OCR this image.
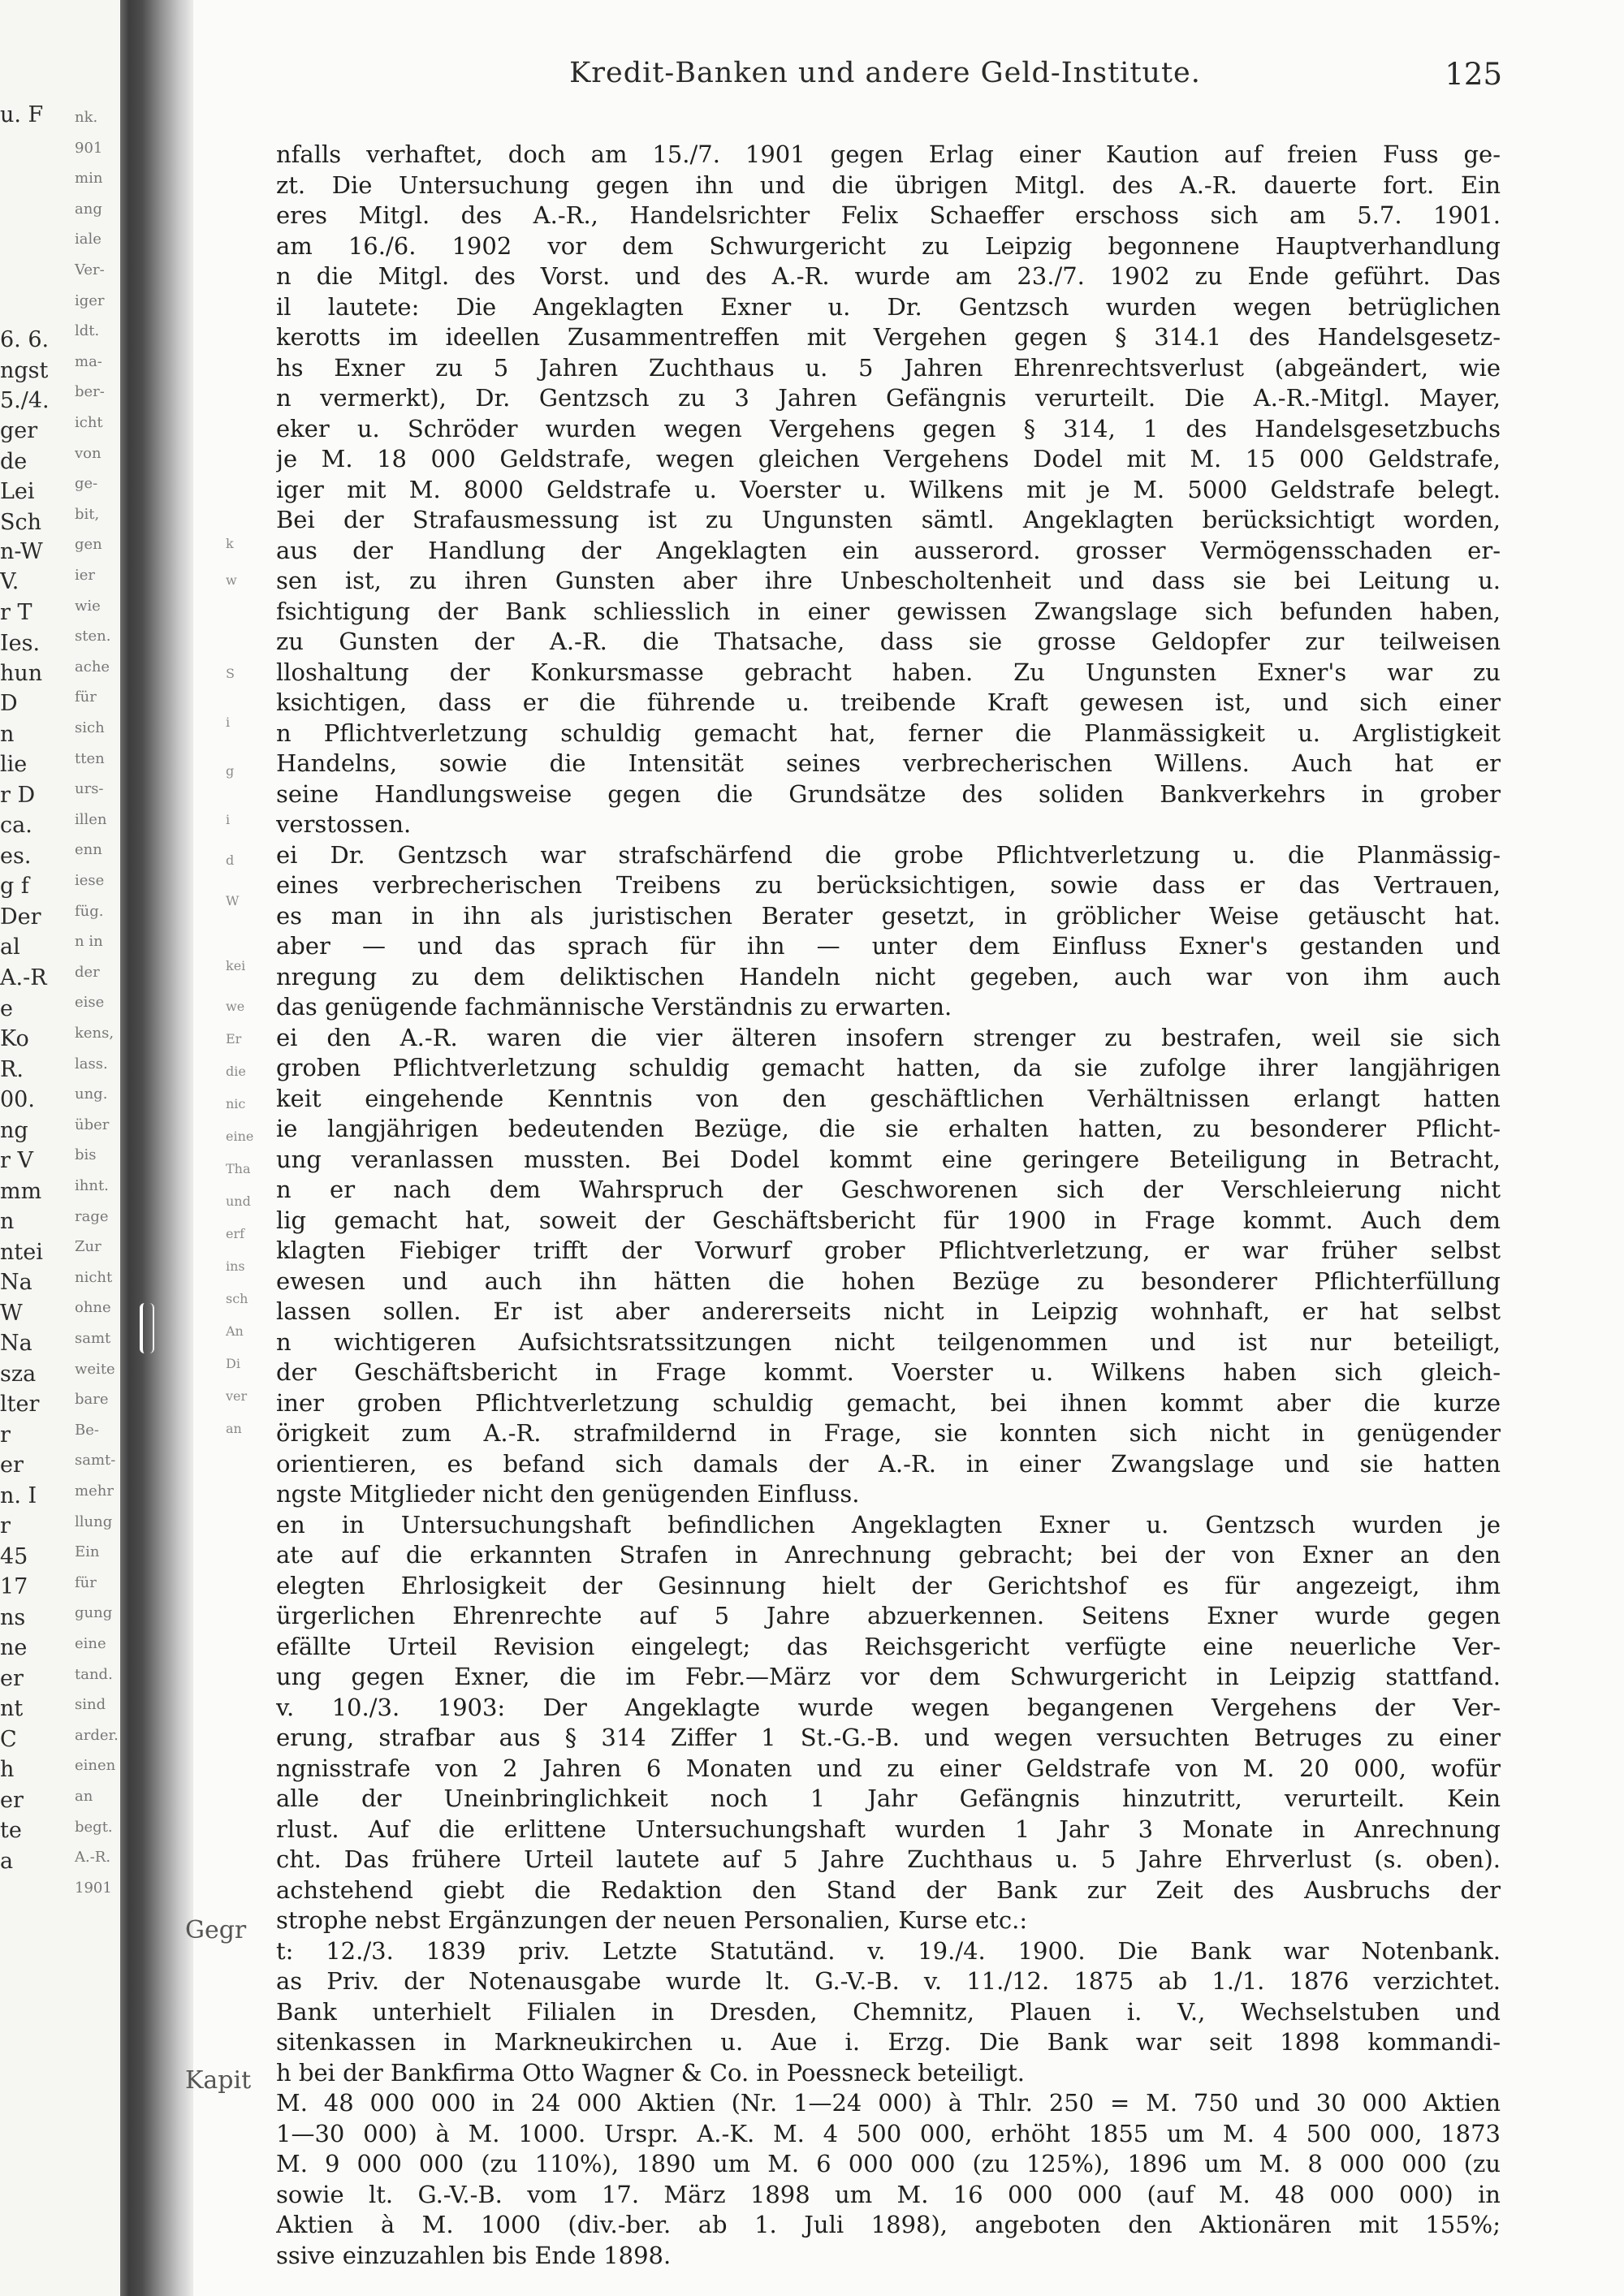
u. F
6. 6.
ngst
5./4.
ger
de
Lei
Sch
n-W
V.
r T
Ies.
hun
D
n
lie
r D
ca.
es.
g f
Der
al
A.-R
e
Ko
R.
00.
ng
r V
mm
n
ntei
Na
W
Na
sza
lter
r
er
n. I
r
45
17
ns
ne
er
nt
C
h
er
te
a
nk.
901
min
ang
iale
Ver-
iger
ldt.
ma-
ber-
icht
von
ge-
bit,
gen
ier
wie
sten.
ache
für
sich
tten
urs-
illen
enn
iese
füg.
n in
der
eise
kens,
lass.
ung.
über
bis
ihnt.
rage
Zur
nicht
ohne
samt
weite
bare
Be-
samt-
mehr
llung
Ein
für
gung
eine
tand.
sind
arder.
einen
an
begt.
A.-R.
1901
k
w
S
i
g
i
d
W
kei
we
Er
die
nic
eine
Tha
und
erf
ins
sch
An
Di
ver
an
Gegr
Kapit
Kredit-Banken und andere Geld-Institute.	125
nfalls verhaftet, doch am 15./7. 1901 gegen Erlag einer Kaution auf freien Fuss ge-
zt. Die Untersuchung gegen ihn und die übrigen Mitgl. des A.-R. dauerte fort. Ein
eres Mitgl. des A.-R., Handelsrichter Felix Schaeffer erschoss sich am 5.7. 1901.
am 16./6. 1902 vor dem Schwurgericht zu Leipzig begonnene Hauptverhandlung
n die Mitgl. des Vorst. und des A.-R. wurde am 23./7. 1902 zu Ende geführt. Das
il lautete: Die Angeklagten Exner u. Dr. Gentzsch wurden wegen betrüglichen
kerotts im ideellen Zusammentreffen mit Vergehen gegen § 314.1 des Handelsgesetz-
hs Exner zu 5 Jahren Zuchthaus u. 5 Jahren Ehrenrechtsverlust (abgeändert, wie
n vermerkt), Dr. Gentzsch zu 3 Jahren Gefängnis verurteilt. Die A.-R.-Mitgl. Mayer,
eker u. Schröder wurden wegen Vergehens gegen § 314, 1 des Handelsgesetzbuchs
je M. 18 000 Geldstrafe, wegen gleichen Vergehens Dodel mit M. 15 000 Geldstrafe,
iger mit M. 8000 Geldstrafe u. Voerster u. Wilkens mit je M. 5000 Geldstrafe belegt.
Bei der Strafausmessung ist zu Ungunsten sämtl. Angeklagten berücksichtigt worden,
aus der Handlung der Angeklagten ein ausserord. grosser Vermögensschaden er-
sen ist, zu ihren Gunsten aber ihre Unbescholtenheit und dass sie bei Leitung u.
fsichtigung der Bank schliesslich in einer gewissen Zwangslage sich befunden haben,
zu Gunsten der A.-R. die Thatsache, dass sie grosse Geldopfer zur teilweisen
lloshaltung der Konkursmasse gebracht haben. Zu Ungunsten Exner's war zu
ksichtigen, dass er die führende u. treibende Kraft gewesen ist, und sich einer
n Pflichtverletzung schuldig gemacht hat, ferner die Planmässigkeit u. Arglistigkeit
Handelns, sowie die Intensität seines verbrecherischen Willens. Auch hat er
seine Handlungsweise gegen die Grundsätze des soliden Bankverkehrs in grober
verstossen.
ei Dr. Gentzsch war strafschärfend die grobe Pflichtverletzung u. die Planmässig-
eines verbrecherischen Treibens zu berücksichtigen, sowie dass er das Vertrauen,
es man in ihn als juristischen Berater gesetzt, in gröblicher Weise getäuscht hat.
aber — und das sprach für ihn — unter dem Einfluss Exner's gestanden und
nregung zu dem deliktischen Handeln nicht gegeben, auch war von ihm auch
das genügende fachmännische Verständnis zu erwarten.
ei den A.-R. waren die vier älteren insofern strenger zu bestrafen, weil sie sich
groben Pflichtverletzung schuldig gemacht hatten, da sie zufolge ihrer langjährigen
keit eingehende Kenntnis von den geschäftlichen Verhältnissen erlangt hatten
ie langjährigen bedeutenden Bezüge, die sie erhalten hatten, zu besonderer Pflicht-
ung veranlassen mussten. Bei Dodel kommt eine geringere Beteiligung in Betracht,
n er nach dem Wahrspruch der Geschworenen sich der Verschleierung nicht
lig gemacht hat, soweit der Geschäftsbericht für 1900 in Frage kommt. Auch dem
klagten Fiebiger trifft der Vorwurf grober Pflichtverletzung, er war früher selbst
ewesen und auch ihn hätten die hohen Bezüge zu besonderer Pflichterfüllung
lassen sollen. Er ist aber andererseits nicht in Leipzig wohnhaft, er hat selbst
n wichtigeren Aufsichtsratssitzungen nicht teilgenommen und ist nur beteiligt,
der Geschäftsbericht in Frage kommt. Voerster u. Wilkens haben sich gleich-
iner groben Pflichtverletzung schuldig gemacht, bei ihnen kommt aber die kurze
örigkeit zum A.-R. strafmildernd in Frage, sie konnten sich nicht in genügender
orientieren, es befand sich damals der A.-R. in einer Zwangslage und sie hatten
ngste Mitglieder nicht den genügenden Einfluss.
en in Untersuchungshaft befindlichen Angeklagten Exner u. Gentzsch wurden je
ate auf die erkannten Strafen in Anrechnung gebracht; bei der von Exner an den
elegten Ehrlosigkeit der Gesinnung hielt der Gerichtshof es für angezeigt, ihm
ürgerlichen Ehrenrechte auf 5 Jahre abzuerkennen. Seitens Exner wurde gegen
efällte Urteil Revision eingelegt; das Reichsgericht verfügte eine neuerliche Ver-
ung gegen Exner, die im Febr.—März vor dem Schwurgericht in Leipzig stattfand.
v. 10./3. 1903: Der Angeklagte wurde wegen begangenen Vergehens der Ver-
erung, strafbar aus § 314 Ziffer 1 St.-G.-B. und wegen versuchten Betruges zu einer
ngnisstrafe von 2 Jahren 6 Monaten und zu einer Geldstrafe von M. 20 000, wofür
alle der Uneinbringlichkeit noch 1 Jahr Gefängnis hinzutritt, verurteilt. Kein
rlust. Auf die erlittene Untersuchungshaft wurden 1 Jahr 3 Monate in Anrechnung
cht. Das frühere Urteil lautete auf 5 Jahre Zuchthaus u. 5 Jahre Ehrverlust (s. oben).
achstehend giebt die Redaktion den Stand der Bank zur Zeit des Ausbruchs der
strophe nebst Ergänzungen der neuen Personalien, Kurse etc.:
t: 12./3. 1839 priv. Letzte Statutänd. v. 19./4. 1900. Die Bank war Notenbank.
as Priv. der Notenausgabe wurde lt. G.-V.-B. v. 11./12. 1875 ab 1./1. 1876 verzichtet.
Bank unterhielt Filialen in Dresden, Chemnitz, Plauen i. V., Wechselstuben und
sitenkassen in Markneukirchen u. Aue i. Erzg. Die Bank war seit 1898 kommandi-
h bei der Bankfirma Otto Wagner & Co. in Poessneck beteiligt.
M. 48 000 000 in 24 000 Aktien (Nr. 1—24 000) à Thlr. 250 = M. 750 und 30 000 Aktien
1—30 000) à M. 1000. Urspr. A.-K. M. 4 500 000, erhöht 1855 um M. 4 500 000, 1873
M. 9 000 000 (zu 110%), 1890 um M. 6 000 000 (zu 125%), 1896 um M. 8 000 000 (zu
sowie lt. G.-V.-B. vom 17. März 1898 um M. 16 000 000 (auf M. 48 000 000) in
Aktien à M. 1000 (div.-ber. ab 1. Juli 1898), angeboten den Aktionären mit 155%;
ssive einzuzahlen bis Ende 1898.
